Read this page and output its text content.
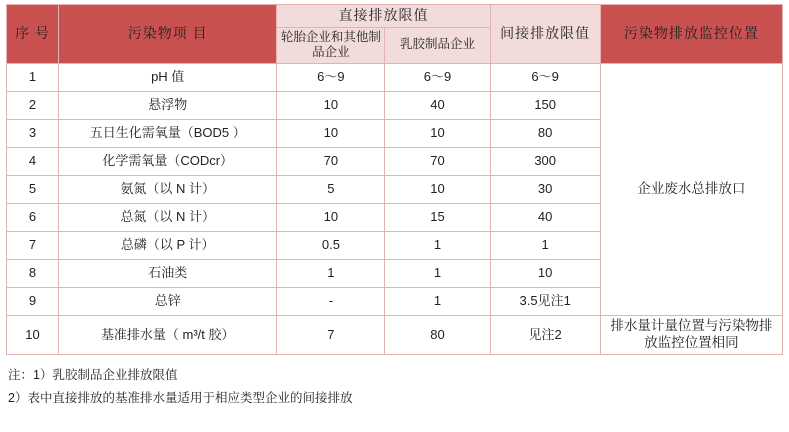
序 号	污染物项 目	直接排放限值		间接排放限值	污染物排放监控位置
		轮胎企业和其他制品企业	乳胶制品企业		
1	pH 值	6～9	6～9	6～9	企业废水总排放口
2	悬浮物	10	40	150	
3	五日生化需氧量（BOD5 ）	10	10	80	
4	化学需氧量（CODcr）	70	70	300	
5	氨氮（以 N 计）	5	10	30	
6	总氮（以 N 计）	10	15	40	
7	总磷（以 P 计）	0.5	1	1	
8	石油类	1	1	10	
9	总锌	-	1	3.5见注1	
10	基准排水量（ m³/t 胶）	7	80	见注2	排水量计量位置与污染物排放监控位置相同
注：1）乳胶制品企业排放限值
2）表中直接排放的基准排水量适用于相应类型企业的间接排放
